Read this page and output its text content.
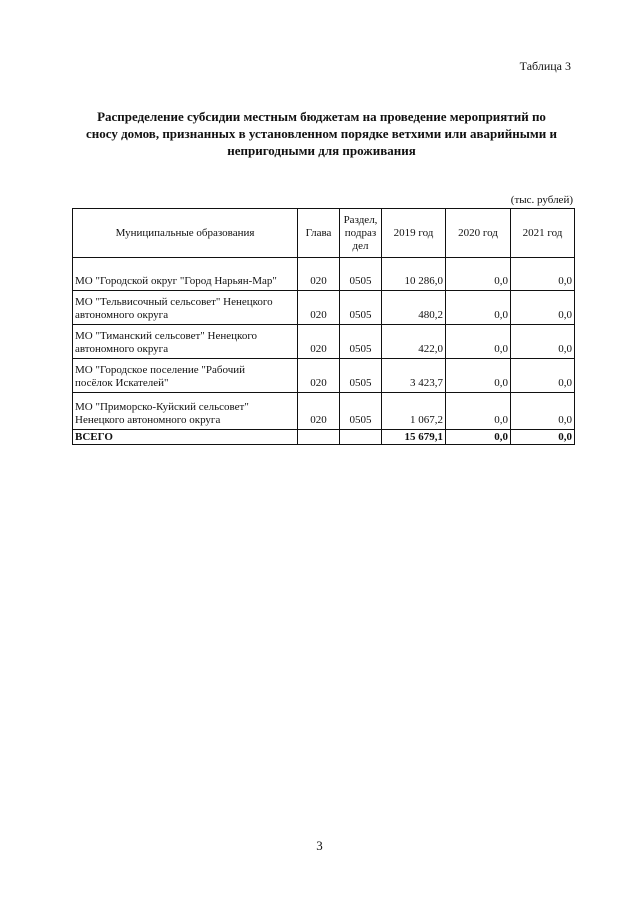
Таблица 3
Распределение субсидии местным бюджетам на проведение мероприятий по
сносу домов, признанных в установленном порядке ветхими или аварийными и
непригодными для проживания
(тыс. рублей)
Муниципальные образования	Глава	Раздел,
подраз
дел	2019 год	2020 год	2021 год

МО "Городской округ "Город Нарьян-Мар"	020	0505	10 286,0	0,0	0,0

МО "Тельвисочный сельсовет" Ненецкого
автономного округа	020	0505	480,2	0,0	0,0

МО "Тиманский сельсовет" Ненецкого
автономного округа	020	0505	422,0	0,0	0,0

МО "Городское поселение "Рабочий
посёлок Искателей"	020	0505	3 423,7	0,0	0,0

МО "Приморско-Куйский сельсовет"
Ненецкого автономного округа	020	0505	1 067,2	0,0	0,0
ВСЕГО			15 679,1	0,0	0,0
3
